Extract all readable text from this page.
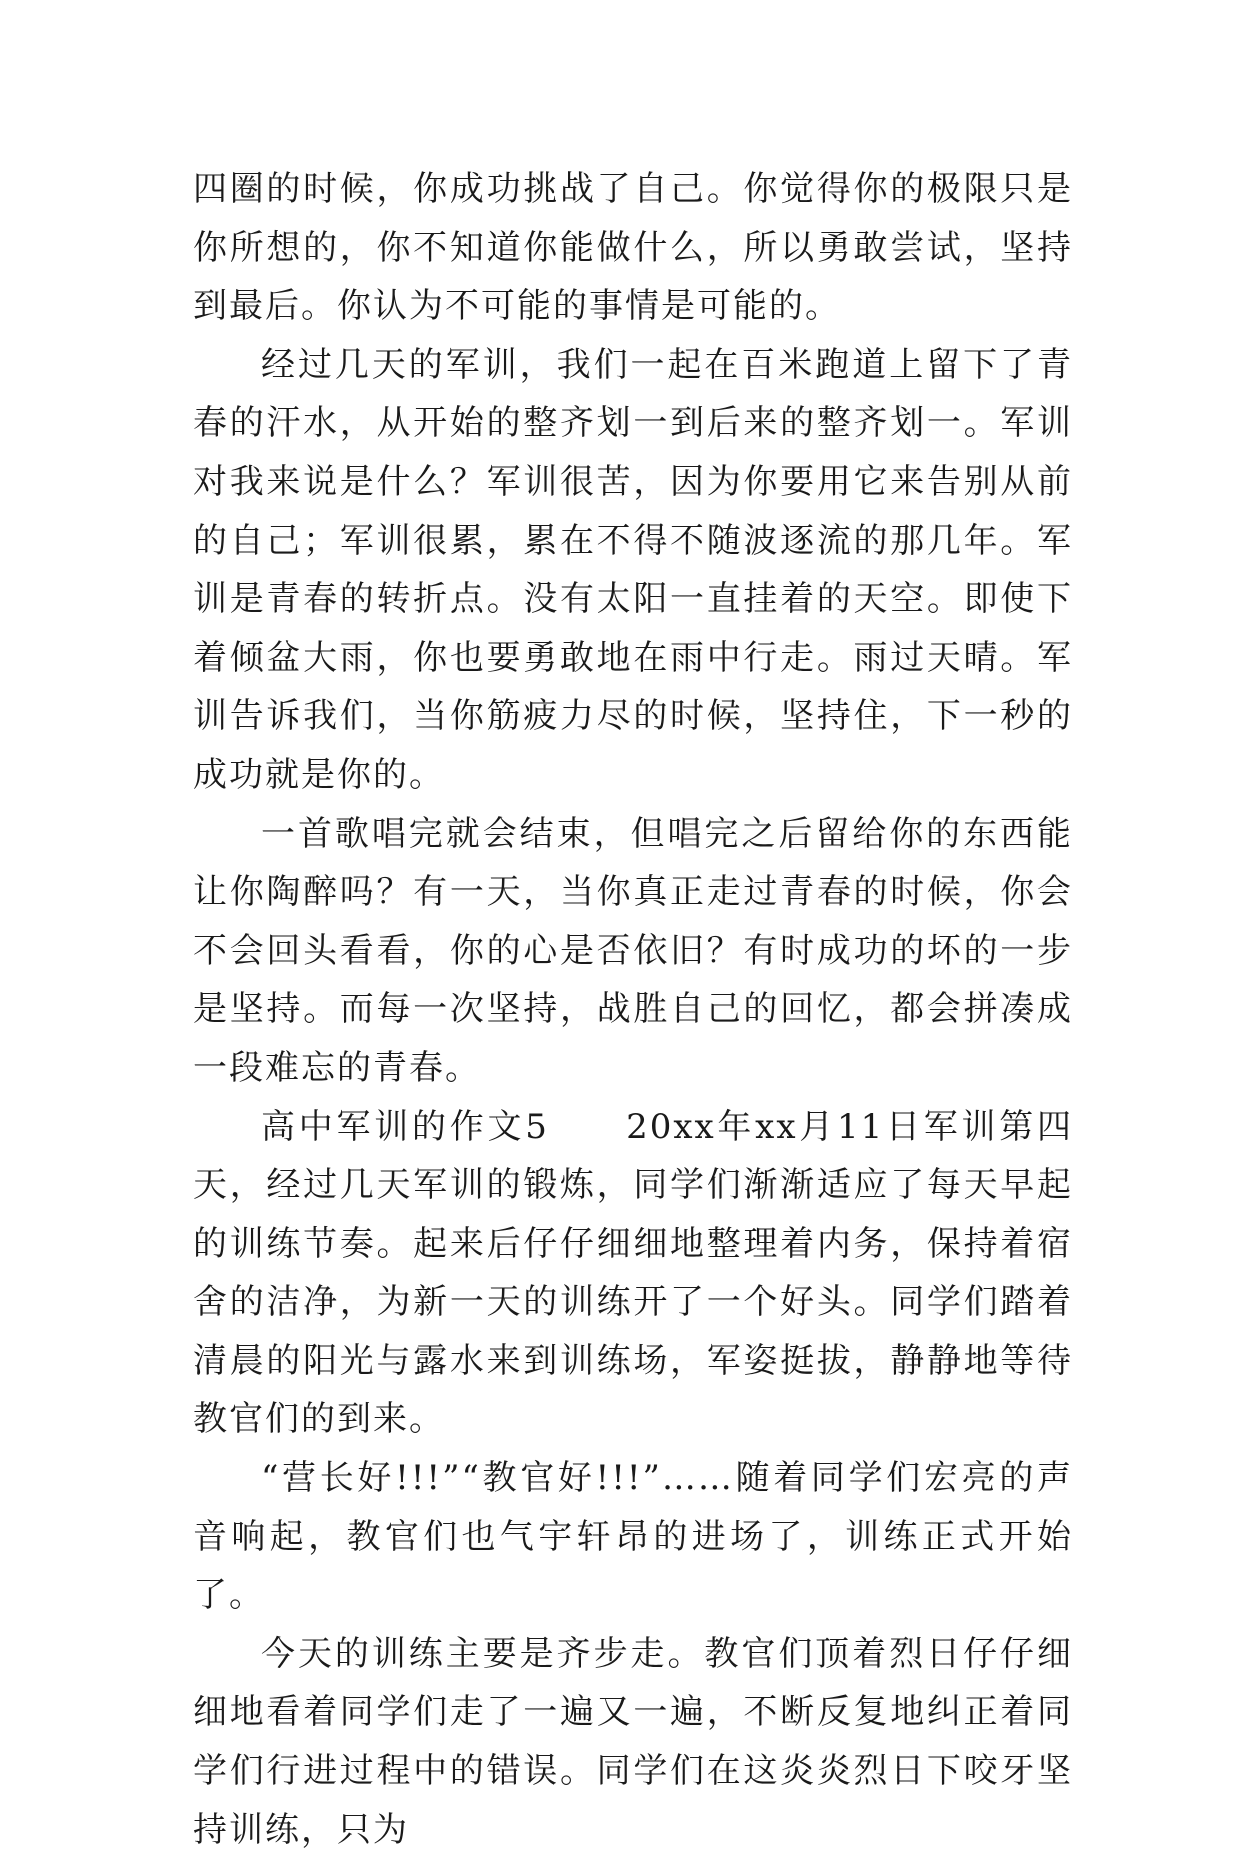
四圈的时候，你成功挑战了自己。你觉得你的极限只是你所想的，你不知道你能做什么，所以勇敢尝试，坚持到最后。你认为不可能的事情是可能的。

经过几天的军训，我们一起在百米跑道上留下了青春的汗水，从开始的整齐划一到后来的整齐划一。军训对我来说是什么？军训很苦，因为你要用它来告别从前的自己；军训很累，累在不得不随波逐流的那几年。军训是青春的转折点。没有太阳一直挂着的天空。即使下着倾盆大雨，你也要勇敢地在雨中行走。雨过天晴。军训告诉我们，当你筋疲力尽的时候，坚持住，下一秒的成功就是你的。

一首歌唱完就会结束，但唱完之后留给你的东西能让你陶醉吗？有一天，当你真正走过青春的时候，你会不会回头看看，你的心是否依旧？有时成功的坏的一步是坚持。而每一次坚持，战胜自己的回忆，都会拼凑成一段难忘的青春。

高中军训的作文5　　20xx年xx月11日军训第四天，经过几天军训的锻炼，同学们渐渐适应了每天早起的训练节奏。起来后仔仔细细地整理着内务，保持着宿舍的洁净，为新一天的训练开了一个好头。同学们踏着清晨的阳光与露水来到训练场，军姿挺拔，静静地等待教官们的到来。

“营长好!!!”“教官好!!!”……随着同学们宏亮的声音响起，教官们也气宇轩昂的进场了，训练正式开始了。

今天的训练主要是齐步走。教官们顶着烈日仔仔细细地看着同学们走了一遍又一遍，不断反复地纠正着同学们行进过程中的错误。同学们在这炎炎烈日下咬牙坚持训练，只为
